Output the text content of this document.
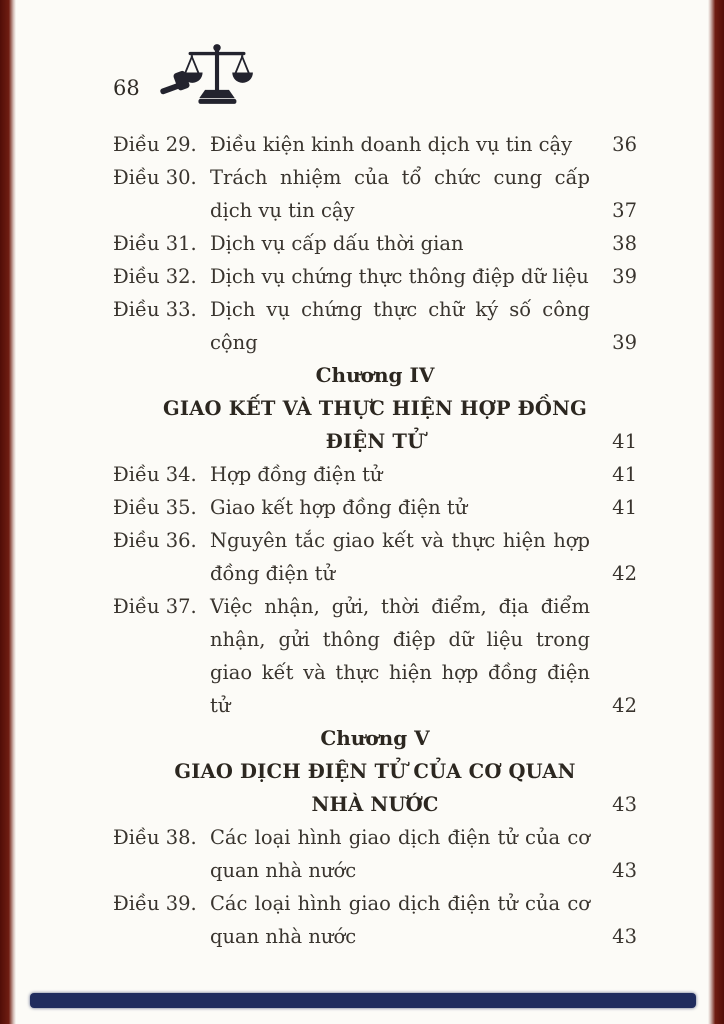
68
Điều 29. Điều kiện kinh doanh dịch vụ tin cậy	36
Điều 30. Trách nhiệm của tổ chức cung cấp dịch vụ tin cậy	37
Điều 31. Dịch vụ cấp dấu thời gian	38
Điều 32. Dịch vụ chứng thực thông điệp dữ liệu	39
Điều 33. Dịch vụ chứng thực chữ ký số công cộng	39
Chương IV
GIAO KẾT VÀ THỰC HIỆN HỢP ĐỒNG ĐIỆN TỬ	41
Điều 34. Hợp đồng điện tử	41
Điều 35. Giao kết hợp đồng điện tử	41
Điều 36. Nguyên tắc giao kết và thực hiện hợp đồng điện tử	42
Điều 37. Việc nhận, gửi, thời điểm, địa điểm nhận, gửi thông điệp dữ liệu trong giao kết và thực hiện hợp đồng điện tử	42
Chương V
GIAO DỊCH ĐIỆN TỬ CỦA CƠ QUAN NHÀ NƯỚC	43
Điều 38. Các loại hình giao dịch điện tử của cơ quan nhà nước	43
Điều 39. Các loại hình giao dịch điện tử của cơ quan nhà nước	43
